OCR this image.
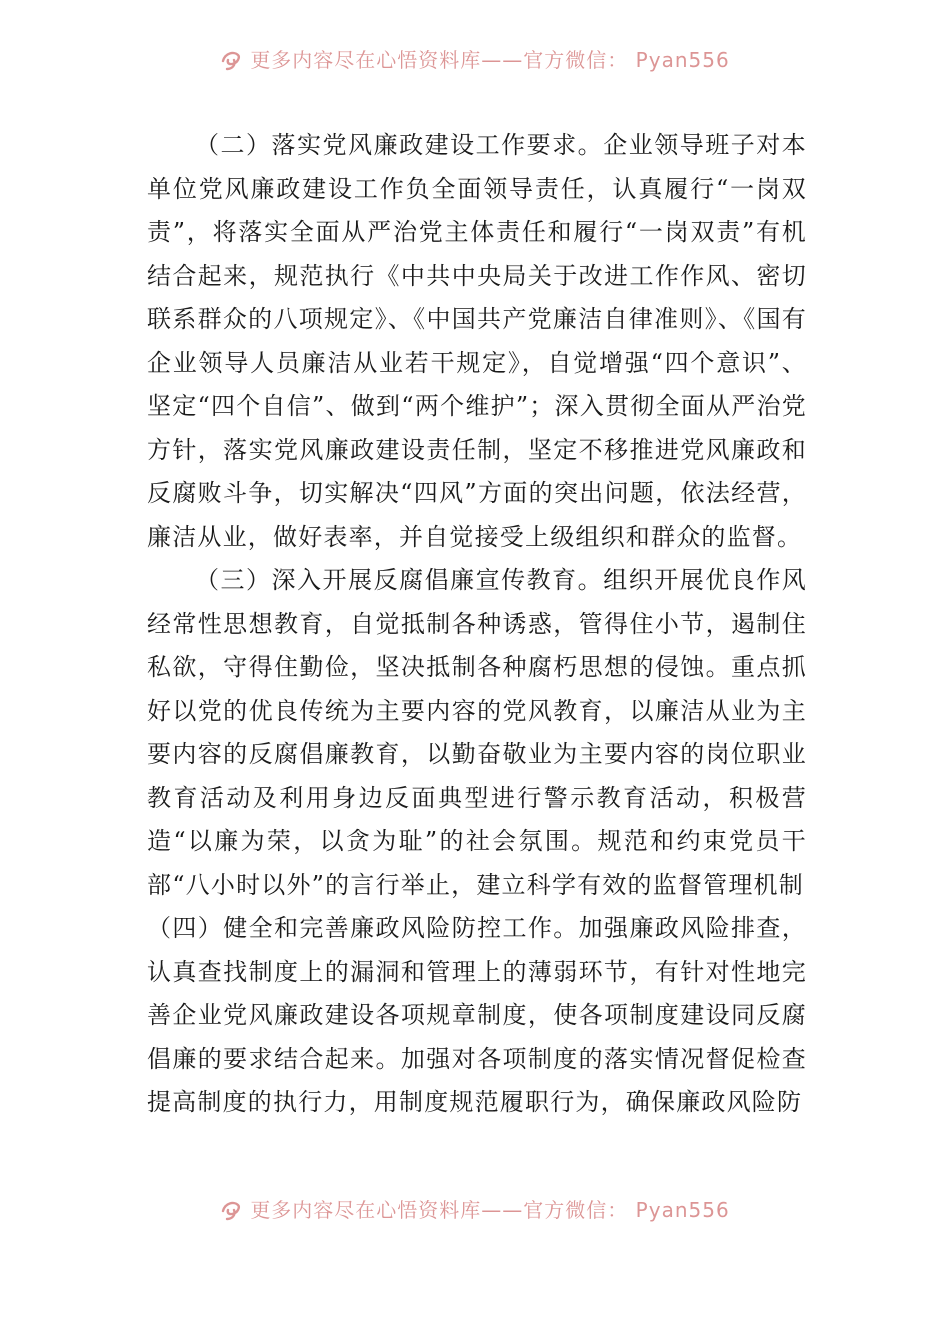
更多内容尽在心悟资料库——官方微信： Pyan556

（二）落实党风廉政建设工作要求。企业领导班子对本单位党风廉政建设工作负全面领导责任，认真履行“一岗双责”，将落实全面从严治党主体责任和履行“一岗双责”有机结合起来，规范执行《中共中央局关于改进工作作风、密切联系群众的八项规定》、《中国共产党廉洁自律准则》、《国有企业领导人员廉洁从业若干规定》，自觉增强“四个意识”、坚定“四个自信”、做到“两个维护”；深入贯彻全面从严治党方针，落实党风廉政建设责任制，坚定不移推进党风廉政和反腐败斗争，切实解决“四风”方面的突出问题，依法经营，廉洁从业，做好表率，并自觉接受上级组织和群众的监督。

（三）深入开展反腐倡廉宣传教育。组织开展优良作风经常性思想教育，自觉抵制各种诱惑，管得住小节，遏制住私欲，守得住勤俭，坚决抵制各种腐朽思想的侵蚀。重点抓好以党的优良传统为主要内容的党风教育，以廉洁从业为主要内容的反腐倡廉教育，以勤奋敬业为主要内容的岗位职业教育活动及利用身边反面典型进行警示教育活动，积极营造“以廉为荣，以贪为耻”的社会氛围。规范和约束党员干部“八小时以外”的言行举止，建立科学有效的监督管理机制

（四）健全和完善廉政风险防控工作。加强廉政风险排查，认真查找制度上的漏洞和管理上的薄弱环节，有针对性地完善企业党风廉政建设各项规章制度，使各项制度建设同反腐倡廉的要求结合起来。加强对各项制度的落实情况督促检查提高制度的执行力，用制度规范履职行为，确保廉政风险防

更多内容尽在心悟资料库——官方微信： Pyan556
